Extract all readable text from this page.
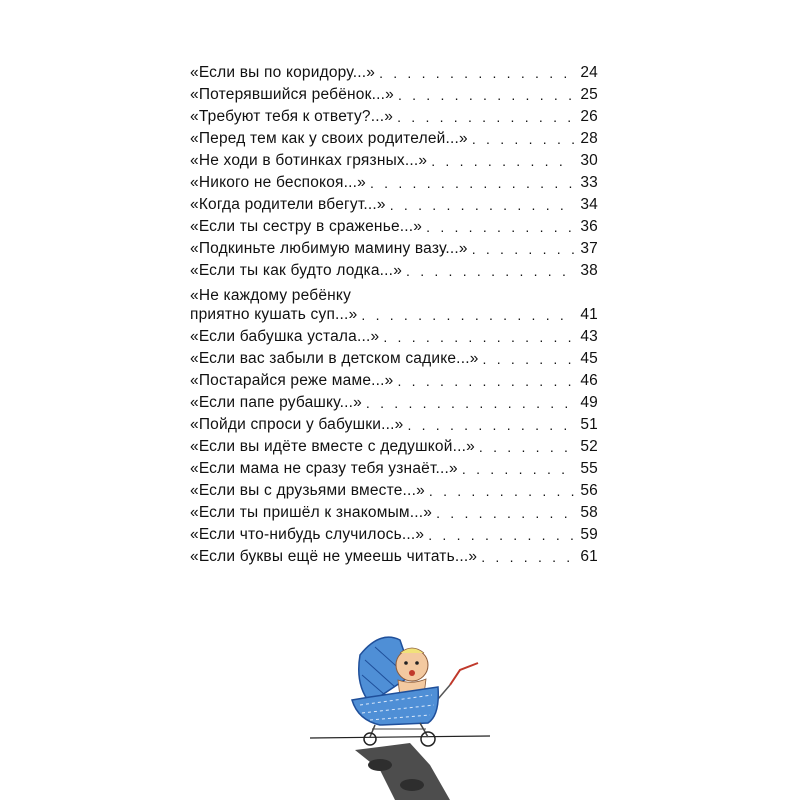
«Если вы по коридору...» . . .	24
«Потерявшийся ребёнок...» . . .	25
«Требуют тебя к ответу?...» . . .	26
«Перед тем как у своих родителей...» . . .	28
«Не ходи в ботинках грязных...» . . .	30
«Никого не беспокоя...» . . .	33
«Когда родители вбегут...» . . .	34
«Если ты сестру в сраженье...» . . .	36
«Подкиньте любимую мамину вазу...» . . .	37
«Если ты как будто лодка...» . . .	38
«Не каждому ребёнку
приятно кушать суп...» . . .	41
«Если бабушка устала...» . . .	43
«Если вас забыли в детском садике...» . . .	45
«Постарайся реже маме...» . . .	46
«Если папе рубашку...» . . .	49
«Пойди спроси у бабушки...» . . .	51
«Если вы идёте вместе с дедушкой...» . . .	52
«Если мама не сразу тебя узнаёт...» . . .	55
«Если вы с друзьями вместе...» . . .	56
«Если ты пришёл к знакомым...» . . .	58
«Если что-нибудь случилось...» . . .	59
«Если буквы ещё не умеешь читать...» . . .	61
